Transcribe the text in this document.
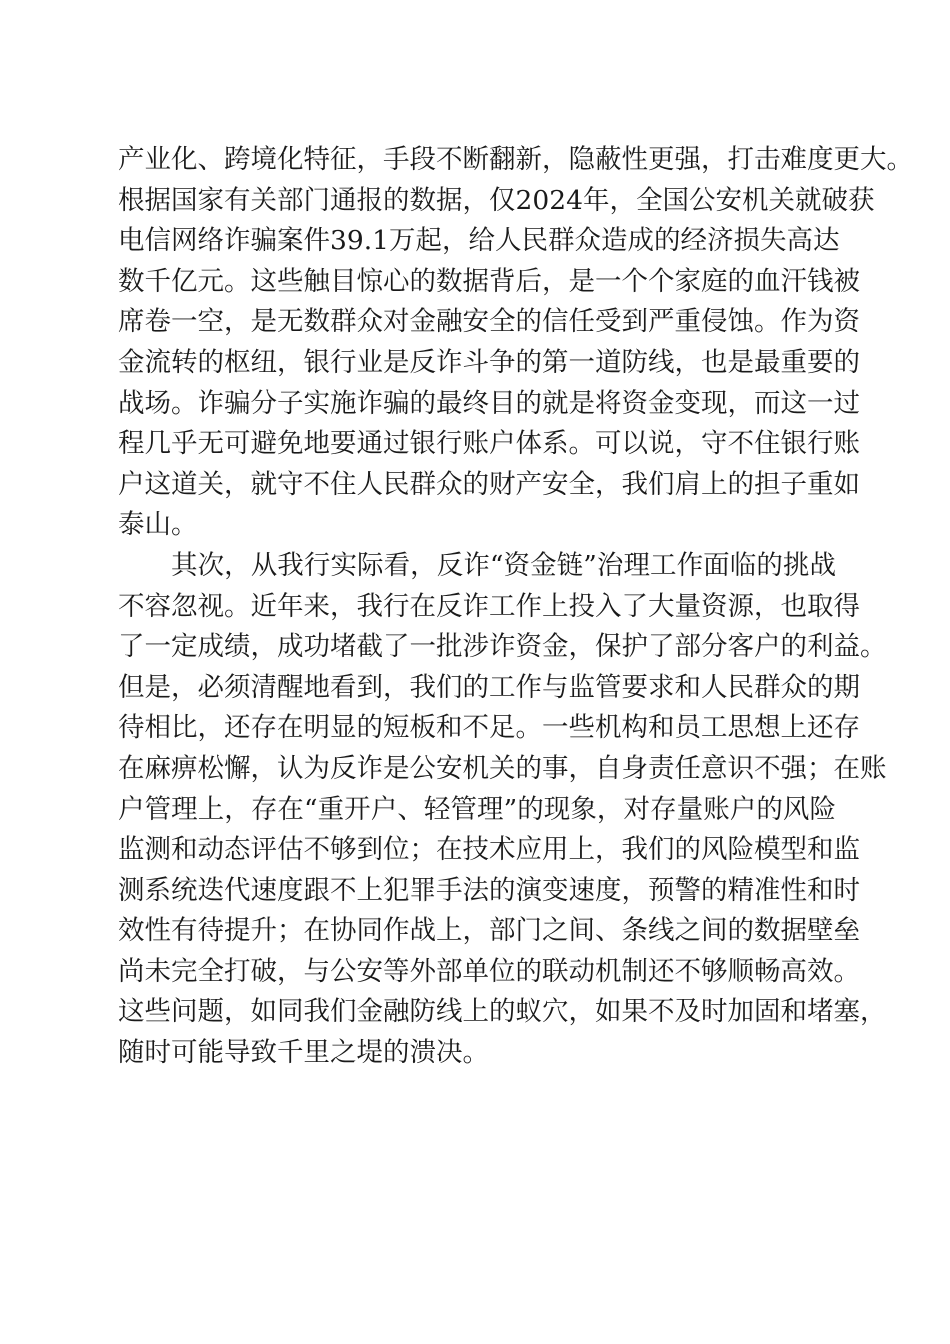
产业化、跨境化特征，手段不断翻新，隐蔽性更强，打击难度更大。
根据国家有关部门通报的数据，仅2024年，全国公安机关就破获
电信网络诈骗案件39.1万起，给人民群众造成的经济损失高达
数千亿元。这些触目惊心的数据背后，是一个个家庭的血汗钱被
席卷一空，是无数群众对金融安全的信任受到严重侵蚀。作为资
金流转的枢纽，银行业是反诈斗争的第一道防线，也是最重要的
战场。诈骗分子实施诈骗的最终目的就是将资金变现，而这一过
程几乎无可避免地要通过银行账户体系。可以说，守不住银行账
户这道关，就守不住人民群众的财产安全，我们肩上的担子重如
泰山。
其次，从我行实际看，反诈“资金链”治理工作面临的挑战
不容忽视。近年来，我行在反诈工作上投入了大量资源，也取得
了一定成绩，成功堵截了一批涉诈资金，保护了部分客户的利益。
但是，必须清醒地看到，我们的工作与监管要求和人民群众的期
待相比，还存在明显的短板和不足。一些机构和员工思想上还存
在麻痹松懈，认为反诈是公安机关的事，自身责任意识不强；在账
户管理上，存在“重开户、轻管理”的现象，对存量账户的风险
监测和动态评估不够到位；在技术应用上，我们的风险模型和监
测系统迭代速度跟不上犯罪手法的演变速度，预警的精准性和时
效性有待提升；在协同作战上，部门之间、条线之间的数据壁垒
尚未完全打破，与公安等外部单位的联动机制还不够顺畅高效。
这些问题，如同我们金融防线上的蚁穴，如果不及时加固和堵塞，
随时可能导致千里之堤的溃决。
